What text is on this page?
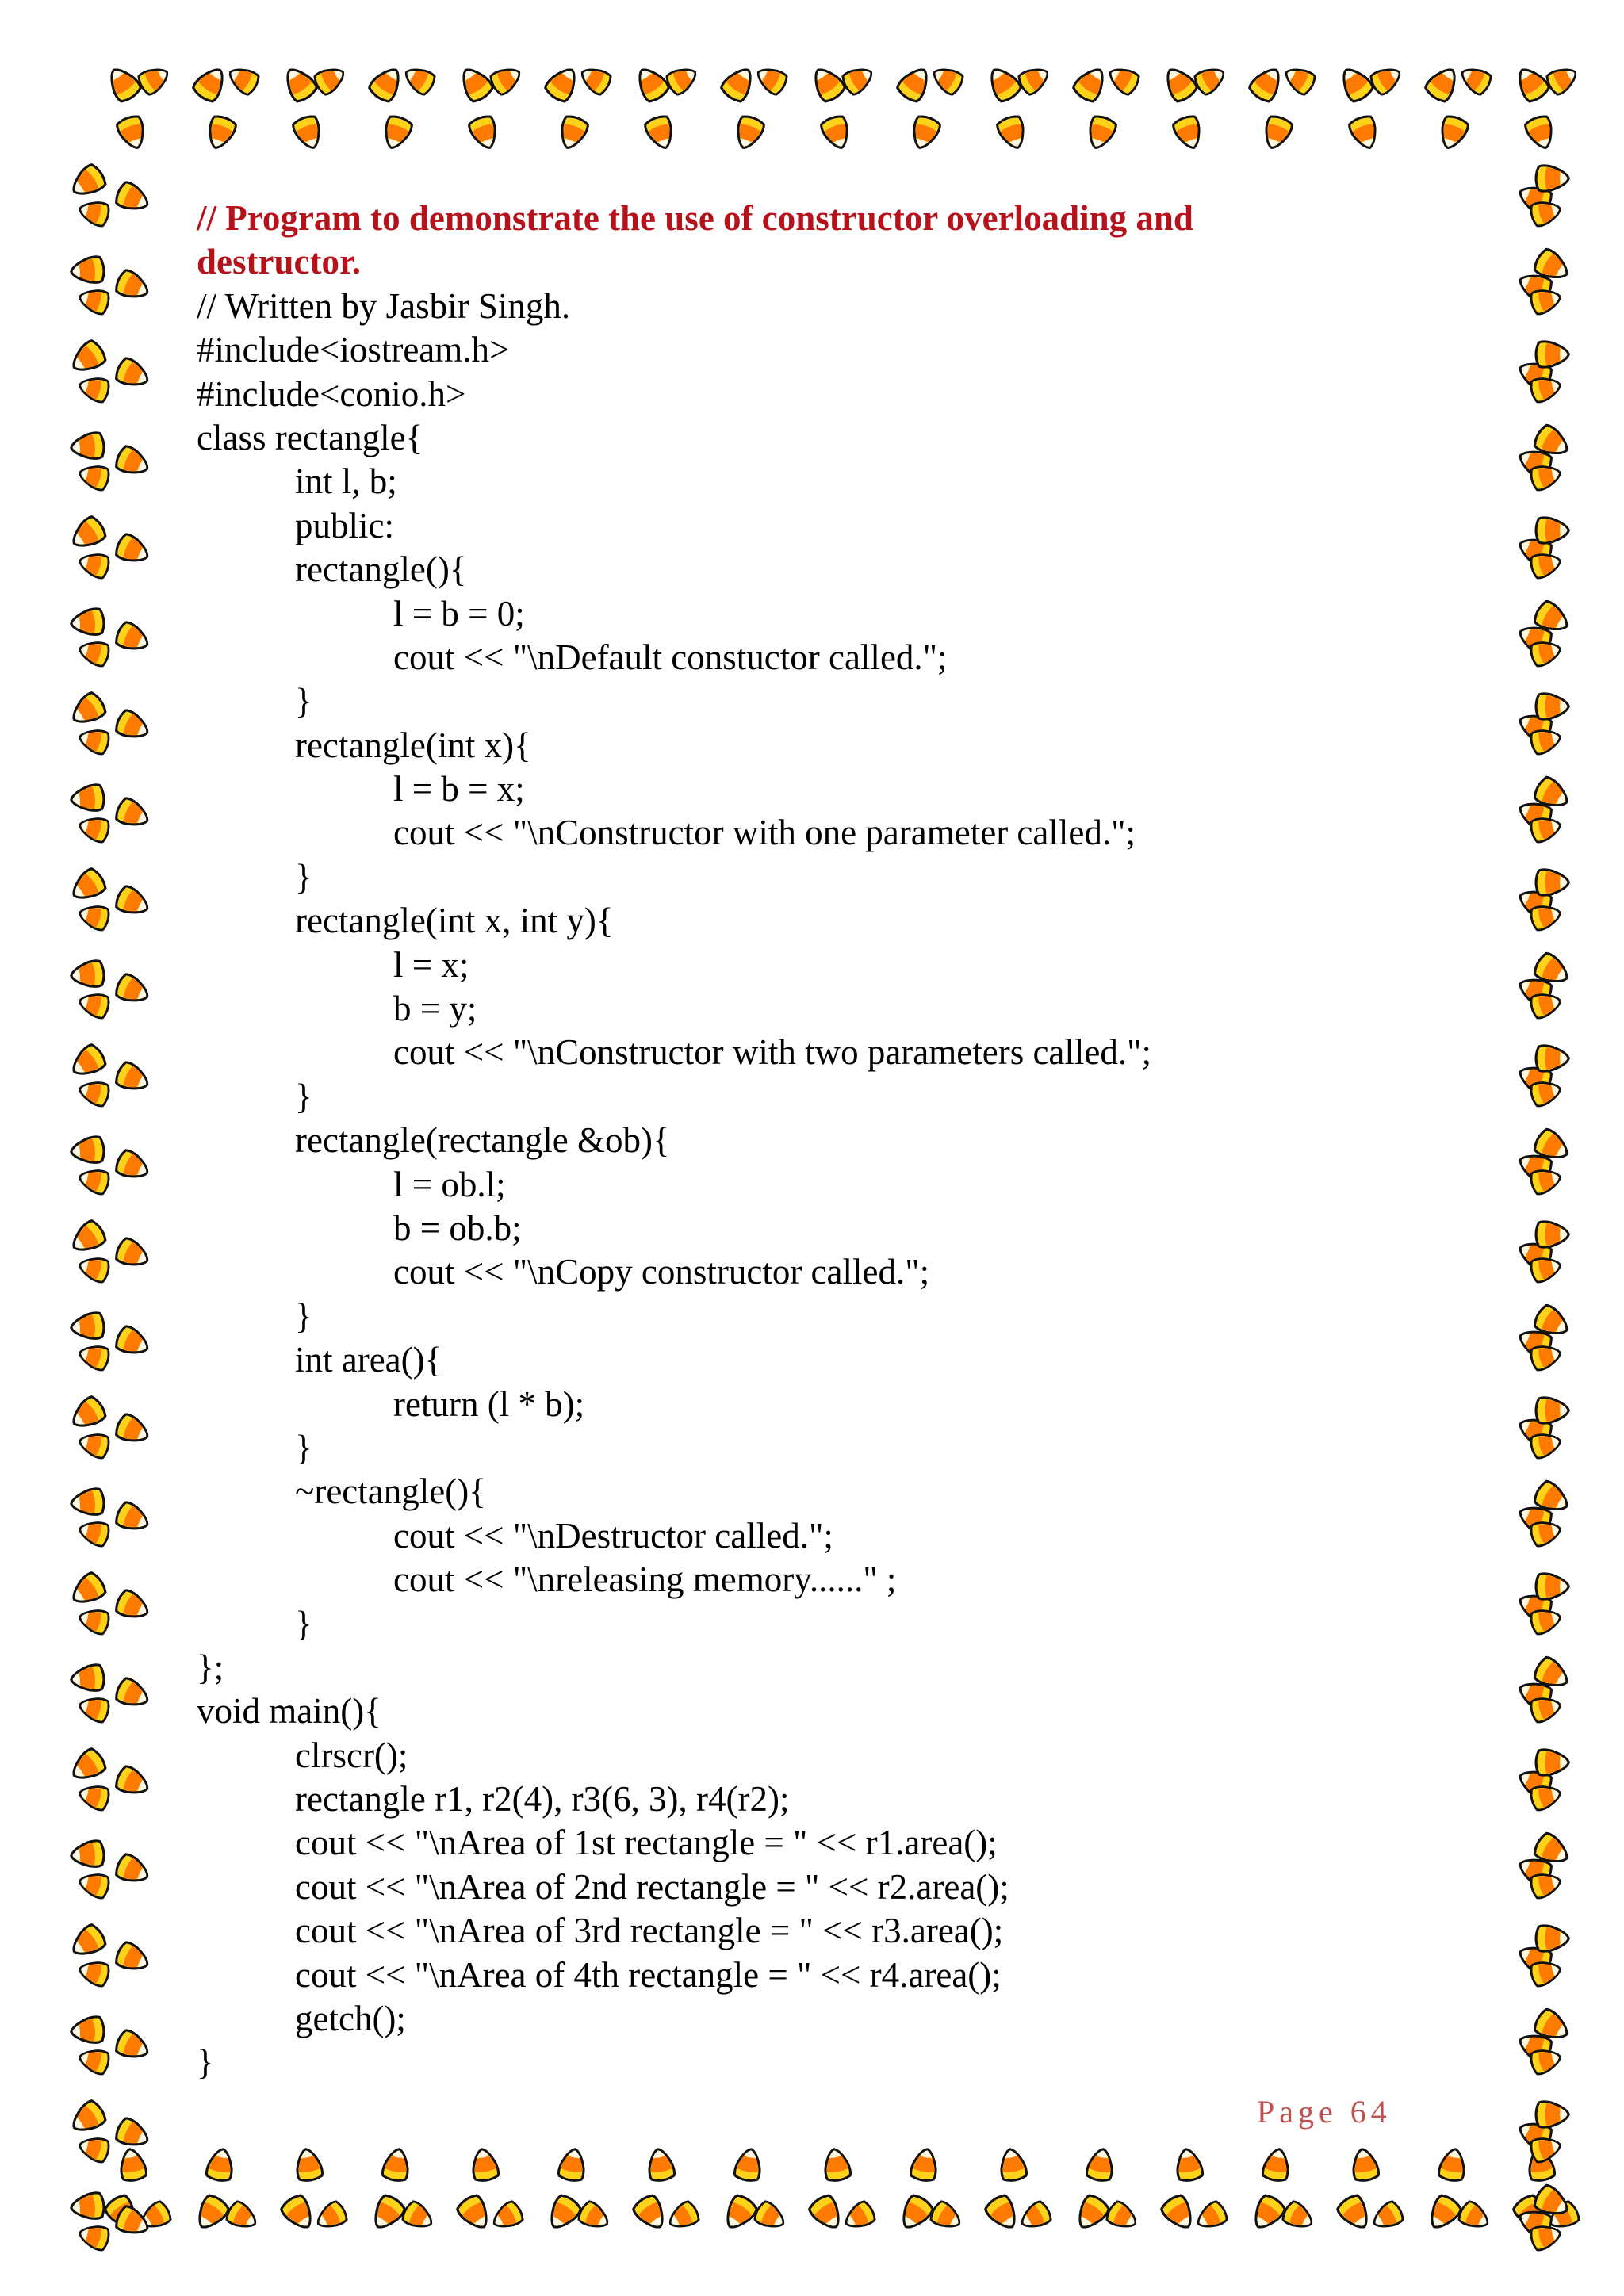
// Program to demonstrate the use of constructor overloading and
destructor.
// Written by Jasbir Singh.
#include<iostream.h>
#include<conio.h>
class rectangle{
int l, b;
public:
rectangle(){
l = b = 0;
cout << "\nDefault constuctor called.";
}
rectangle(int x){
l = b = x;
cout << "\nConstructor with one parameter called.";
}
rectangle(int x, int y){
l = x;
b = y;
cout << "\nConstructor with two parameters called.";
}
rectangle(rectangle &ob){
l = ob.l;
b = ob.b;
cout << "\nCopy constructor called.";
}
int area(){
return (l * b);
}
~rectangle(){
cout << "\nDestructor called.";
cout << "\nreleasing memory......" ;
}
};
void main(){
clrscr();
rectangle r1, r2(4), r3(6, 3), r4(r2);
cout << "\nArea of 1st rectangle = " << r1.area();
cout << "\nArea of 2nd rectangle = " << r2.area();
cout << "\nArea of 3rd rectangle = " << r3.area();
cout << "\nArea of 4th rectangle = " << r4.area();
getch();
}
Page 64
